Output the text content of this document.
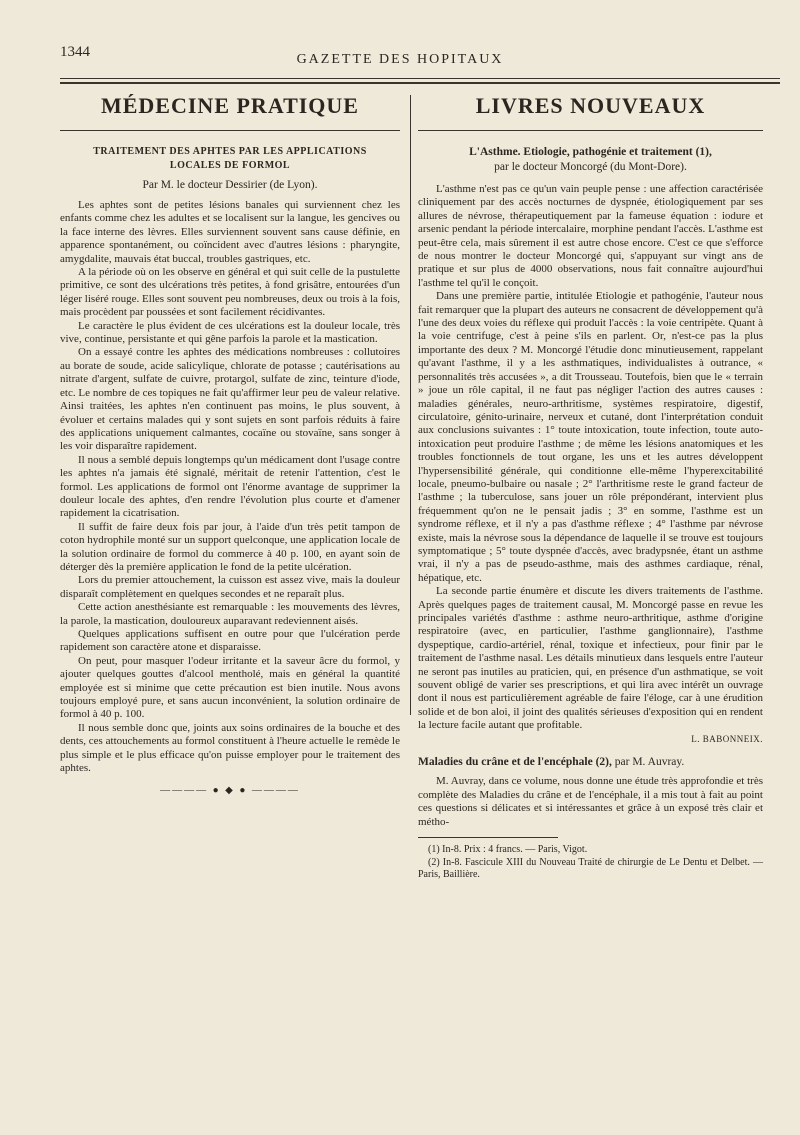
1344	GAZETTE DES HOPITAUX
MÉDECINE PRATIQUE
TRAITEMENT DES APHTES PAR LES APPLICATIONS LOCALES DE FORMOL
Par M. le docteur Dessirier (de Lyon).

Les aphtes sont de petites lésions banales qui surviennent chez les enfants comme chez les adultes et se localisent sur la langue, les gencives ou la face interne des lèvres. Elles surviennent souvent sans cause définie, en apparence spontanément, ou coïncident avec d'autres lésions : pharyngite, amygdalite, mauvais état buccal, troubles gastriques, etc.

A la période où on les observe en général et qui suit celle de la pustulette primitive, ce sont des ulcérations très petites, à fond grisâtre, entourées d'un léger liséré rouge. Elles sont souvent peu nombreuses, deux ou trois à la fois, mais procèdent par poussées et sont facilement récidivantes.

Le caractère le plus évident de ces ulcérations est la douleur locale, très vive, continue, persistante et qui gêne parfois la parole et la mastication.

On a essayé contre les aphtes des médications nombreuses : collutoires au borate de soude, acide salicylique, chlorate de potasse ; cautérisations au nitrate d'argent, sulfate de cuivre, protargol, sulfate de zinc, teinture d'iode, etc. Le nombre de ces topiques ne fait qu'affirmer leur peu de valeur relative. Ainsi traitées, les aphtes n'en continuent pas moins, le plus souvent, à évoluer et certains malades qui y sont sujets en sont parfois réduits à faire des applications uniquement calmantes, cocaïne ou stovaïne, sans songer à les voir disparaître rapidement.

Il nous a semblé depuis longtemps qu'un médicament dont l'usage contre les aphtes n'a jamais été signalé, méritait de retenir l'attention, c'est le formol. Les applications de formol ont l'énorme avantage de supprimer la douleur locale des aphtes, d'en rendre l'évolution plus courte et d'amener rapidement la cicatrisation.

Il suffit de faire deux fois par jour, à l'aide d'un très petit tampon de coton hydrophile monté sur un support quelconque, une application locale de la solution ordinaire de formol du commerce à 40 p. 100, en ayant soin de déterger dès la première application le fond de la petite ulcération.

Lors du premier attouchement, la cuisson est assez vive, mais la douleur disparaît complètement en quelques secondes et ne reparaît plus.

Cette action anesthésiante est remarquable : les mouvements des lèvres, la parole, la mastication, douloureux auparavant redeviennent aisés.

Quelques applications suffisent en outre pour que l'ulcération perde rapidement son caractère atone et disparaisse.

On peut, pour masquer l'odeur irritante et la saveur âcre du formol, y ajouter quelques gouttes d'alcool mentholé, mais en général la quantité employée est si minime que cette précaution est bien inutile. Nous avons toujours employé pure, et sans aucun inconvénient, la solution ordinaire de formol à 40 p. 100.

Il nous semble donc que, joints aux soins ordinaires de la bouche et des dents, ces attouchements au formol constituent à l'heure actuelle le remède le plus simple et le plus efficace qu'on puisse employer pour le traitement des aphtes.

———— ● ◆ ● ————
LIVRES NOUVEAUX
L'Asthme. Etiologie, pathogénie et traitement (1),
par le docteur Moncorgé (du Mont-Dore).

L'asthme n'est pas ce qu'un vain peuple pense : une affection caractérisée cliniquement par des accès nocturnes de dyspnée, étiologiquement par ses allures de névrose, thérapeutiquement par la fameuse équation : iodure et arsenic pendant la période intercalaire, morphine pendant l'accès. L'asthme est peut-être cela, mais sûrement il est autre chose encore. C'est ce que s'efforce de nous montrer le docteur Moncorgé qui, s'appuyant sur vingt ans de pratique et sur plus de 4000 observations, nous fait connaître aujourd'hui l'asthme tel qu'il le conçoit.

Dans une première partie, intitulée Etiologie et pathogénie, l'auteur nous fait remarquer que la plupart des auteurs ne consacrent de développement qu'à l'une des deux voies du réflexe qui produit l'accès : la voie centripète. Quant à la voie centrifuge, c'est à peine s'ils en parlent. Or, n'est-ce pas la plus importante des deux ? M. Moncorgé l'étudie donc minutieusement, rappelant qu'avant l'asthme, il y a les asthmatiques, individualistes à outrance, « personnalités très accusées », a dit Trousseau. Toutefois, bien que le « terrain » joue un rôle capital, il ne faut pas négliger l'action des autres causes : maladies générales, neuro-arthritisme, systèmes respiratoire, digestif, circulatoire, génito-urinaire, nerveux et cutané, dont l'interprétation conduit aux conclusions suivantes : 1° toute intoxication, toute infection, toute auto-intoxication peut produire l'asthme ; de même les lésions anatomiques et les troubles fonctionnels de tout organe, les uns et les autres développent l'hypersensibilité générale, qui conditionne elle-même l'hyperexcitabilité locale, pneumo-bulbaire ou nasale ; 2° l'arthritisme reste le grand facteur de l'asthme ; la tuberculose, sans jouer un rôle prépondérant, intervient plus fréquemment qu'on ne le pensait jadis ; 3° en somme, l'asthme est un syndrome réflexe, et il n'y a pas d'asthme réflexe ; 4° l'asthme par névrose existe, mais la névrose sous la dépendance de laquelle il se trouve est toujours symptomatique ; 5° toute dyspnée d'accès, avec bradypsnée, étant un asthme vrai, il n'y a pas de pseudo-asthme, mais des asthmes cardiaque, rénal, hépatique, etc.

La seconde partie énumère et discute les divers traitements de l'asthme. Après quelques pages de traitement causal, M. Moncorgé passe en revue les principales variétés d'asthme : asthme neuro-arthritique, asthme d'origine respiratoire (avec, en particulier, l'asthme ganglionnaire), l'asthme dyspeptique, cardio-artériel, rénal, toxique et infectieux, pour finir par le traitement de l'asthme nasal. Les détails minutieux dans lesquels entre l'auteur ne seront pas inutiles au praticien, qui, en présence d'un asthmatique, se voit souvent obligé de varier ses prescriptions, et qui lira avec intérêt un ouvrage dont il nous est particulièrement agréable de faire l'éloge, car à une érudition solide et de bon aloi, il joint des qualités sérieuses d'exposition qui en rendent la lecture facile autant que profitable.

L. BABONNEIX.

Maladies du crâne et de l'encéphale (2), par M. Auvray.

M. Auvray, dans ce volume, nous donne une étude très approfondie et très complète des Maladies du crâne et de l'encéphale, il a mis tout à fait au point ces questions si délicates et si intéressantes et grâce à un exposé très clair et métho-

(1) In-8. Prix : 4 francs. — Paris, Vigot.

(2) In-8. Fascicule XIII du Nouveau Traité de chirurgie de Le Dentu et Delbet. — Paris, Baillière.
